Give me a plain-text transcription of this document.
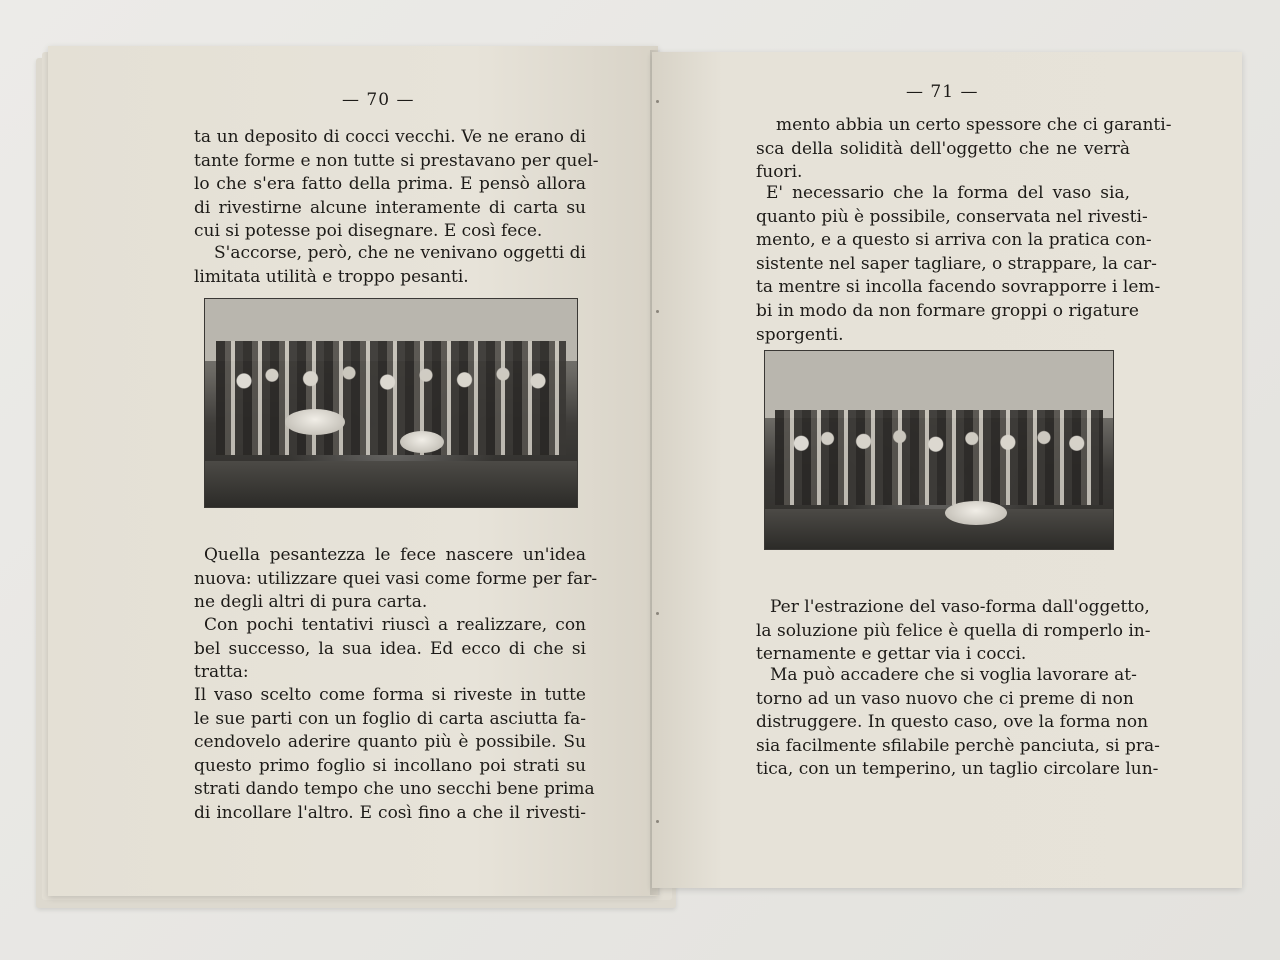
— 70 —
ta un deposito di cocci vecchi. Ve ne erano di
tante forme e non tutte si prestavano per quel-
lo che s'era fatto della prima. E pensò allora
di rivestirne alcune interamente di carta su
cui si potesse poi disegnare. E così fece.
S'accorse, però, che ne venivano oggetti di
limitata utilità e troppo pesanti.
Quella pesantezza le fece nascere un'idea
nuova: utilizzare quei vasi come forme per far-
ne degli altri di pura carta.
Con pochi tentativi riuscì a realizzare, con
bel successo, la sua idea. Ed ecco di che si
tratta:
Il vaso scelto come forma si riveste in tutte
le sue parti con un foglio di carta asciutta fa-
cendovelo aderire quanto più è possibile. Su
questo primo foglio si incollano poi strati su
strati dando tempo che uno secchi bene prima
di incollare l'altro. E così fino a che il rivesti-
— 71 —
mento abbia un certo spessore che ci garanti-
sca della solidità dell'oggetto che ne verrà
fuori.
E' necessario che la forma del vaso sia,
quanto più è possibile, conservata nel rivesti-
mento, e a questo si arriva con la pratica con-
sistente nel saper tagliare, o strappare, la car-
ta mentre si incolla facendo sovrapporre i lem-
bi in modo da non formare groppi o rigature
sporgenti.
Per l'estrazione del vaso-forma dall'oggetto,
la soluzione più felice è quella di romperlo in-
ternamente e gettar via i cocci.
Ma può accadere che si voglia lavorare at-
torno ad un vaso nuovo che ci preme di non
distruggere. In questo caso, ove la forma non
sia facilmente sfilabile perchè panciuta, si pra-
tica, con un temperino, un taglio circolare lun-
